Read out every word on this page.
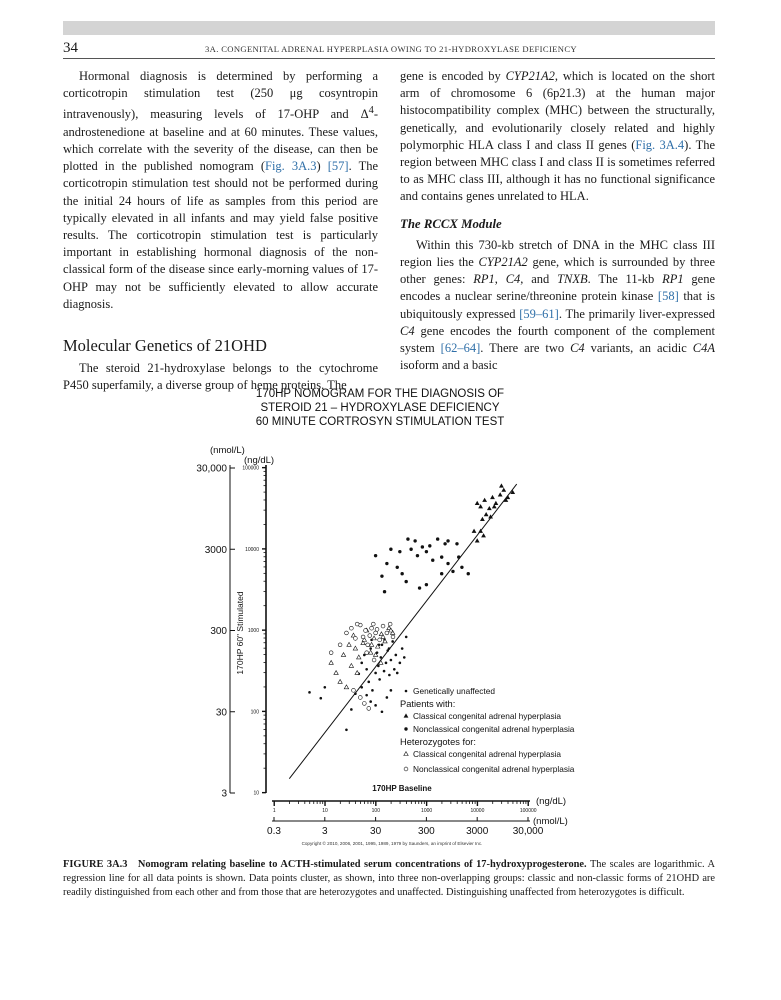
34	3A. CONGENITAL ADRENAL HYPERPLASIA OWING TO 21-HYDROXYLASE DEFICIENCY

Hormonal diagnosis is determined by performing a corticotropin stimulation test (250 μg cosyntropin intravenously), measuring levels of 17-OHP and $\Delta^4$-androstenedione at baseline and at 60 minutes. These values, which correlate with the severity of the disease, can then be plotted in the published nomogram (Fig. 3A.3) [57]. The corticotropin stimulation test should not be performed during the initial 24 hours of life as samples from this period are typically elevated in all infants and may yield false positive results. The corticotropin stimulation test is particularly important in establishing hormonal diagnosis of the non-classical form of the disease since early-morning values of 17-OHP may not be sufficiently elevated to allow accurate diagnosis.

Molecular Genetics of 21OHD

The steroid 21-hydroxylase belongs to the cytochrome P450 superfamily, a diverse group of heme proteins. The

gene is encoded by CYP21A2, which is located on the short arm of chromosome 6 (6p21.3) at the human major histocompatibility complex (MHC) between the structurally, genetically, and evolutionarily closely related and highly polymorphic HLA class I and class II genes (Fig. 3A.4). The region between MHC class I and class II is sometimes referred to as MHC class III, although it has no functional significance and contains genes unrelated to HLA.

The RCCX Module

Within this 730-kb stretch of DNA in the MHC class III region lies the CYP21A2 gene, which is surrounded by three other genes: RP1, C4, and TNXB. The 11-kb RP1 gene encodes a nuclear serine/threonine protein kinase [58] that is ubiquitously expressed [59–61]. The primarily liver-expressed C4 gene encodes the fourth component of the complement system [62–64]. There are two C4 variants, an acidic C4A isoform and a basic

170HP NOMOGRAM FOR THE DIAGNOSIS OF
STEROID 21 – HYDROXYLASE DEFICIENCY
60 MINUTE CORTROSYN STIMULATION TEST
(nmol/L)
(ng/dL)
3
30
300
3000
30,000
10
100
1000
10000
100000
170HP 60" Stimulated
1	10	100	1000	10000	100000
(ng/dL)
170HP Baseline
0.3	3	30	300	3000 30,000
(nmol/L)
Genetically unaffected
Patients with:
Classical congenital adrenal hyperplasia
Nonclassical congenital adrenal hyperplasia
Heterozygotes for:
Classical congenital adrenal hyperplasia
Nonclassical congenital adrenal hyperplasia
Copyright © 2010, 2006, 2001, 1995, 1989, 1979 by Saunders, an imprint of Elsevier Inc.
FIGURE 3A.3 Nomogram relating baseline to ACTH-stimulated serum concentrations of 17-hydroxyprogesterone. The scales are logarithmic. A regression line for all data points is shown. Data points cluster, as shown, into three non-overlapping groups: classic and non-classic forms of 21OHD are readily distinguished from each other and from those that are heterozygotes and unaffected. Distinguishing unaffected from heterozygotes is difficult.
